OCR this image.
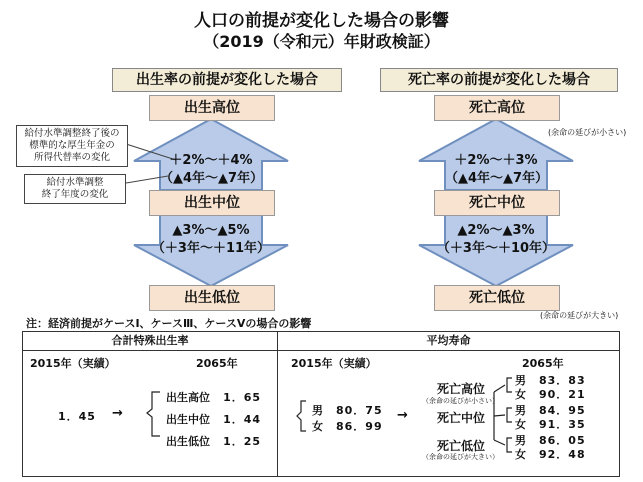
人口の前提が変化した場合の影響
（2019（令和元）年財政検証）
出生率の前提が変化した場合	死亡率の前提が変化した場合
出生高位
出生中位
出生低位
死亡高位
死亡中位
死亡低位
＋2%～＋4%
（▲4年～▲7年）
▲3%～▲5%
（＋3年～＋11年）
＋2%～＋3%
（▲4年～▲7年）
▲2%～▲3%
（＋3年～＋10年）
給付水準調整終了後の
標準的な厚生年金の
所得代替率の変化
給付水準調整
終了年度の変化
(余命の延びが小さい)
(余命の延びが大きい)
注：経済前提がケースⅠ、ケースⅢ、ケースⅤの場合の影響
合計特殊出生率	平均寿命
2015年（実績）	2065年
1．45 →
出生高位 1．65
出生中位 1．44
出生低位 1．25
2015年（実績）	2065年
男　80．75
女　86．99
→
死亡高位
（余命の延びが小さい）
男　83．83
女　90．21
死亡中位
男　84．95
女　91．35
死亡低位
（余命の延びが大きい）
男　86．05
女　92．48
